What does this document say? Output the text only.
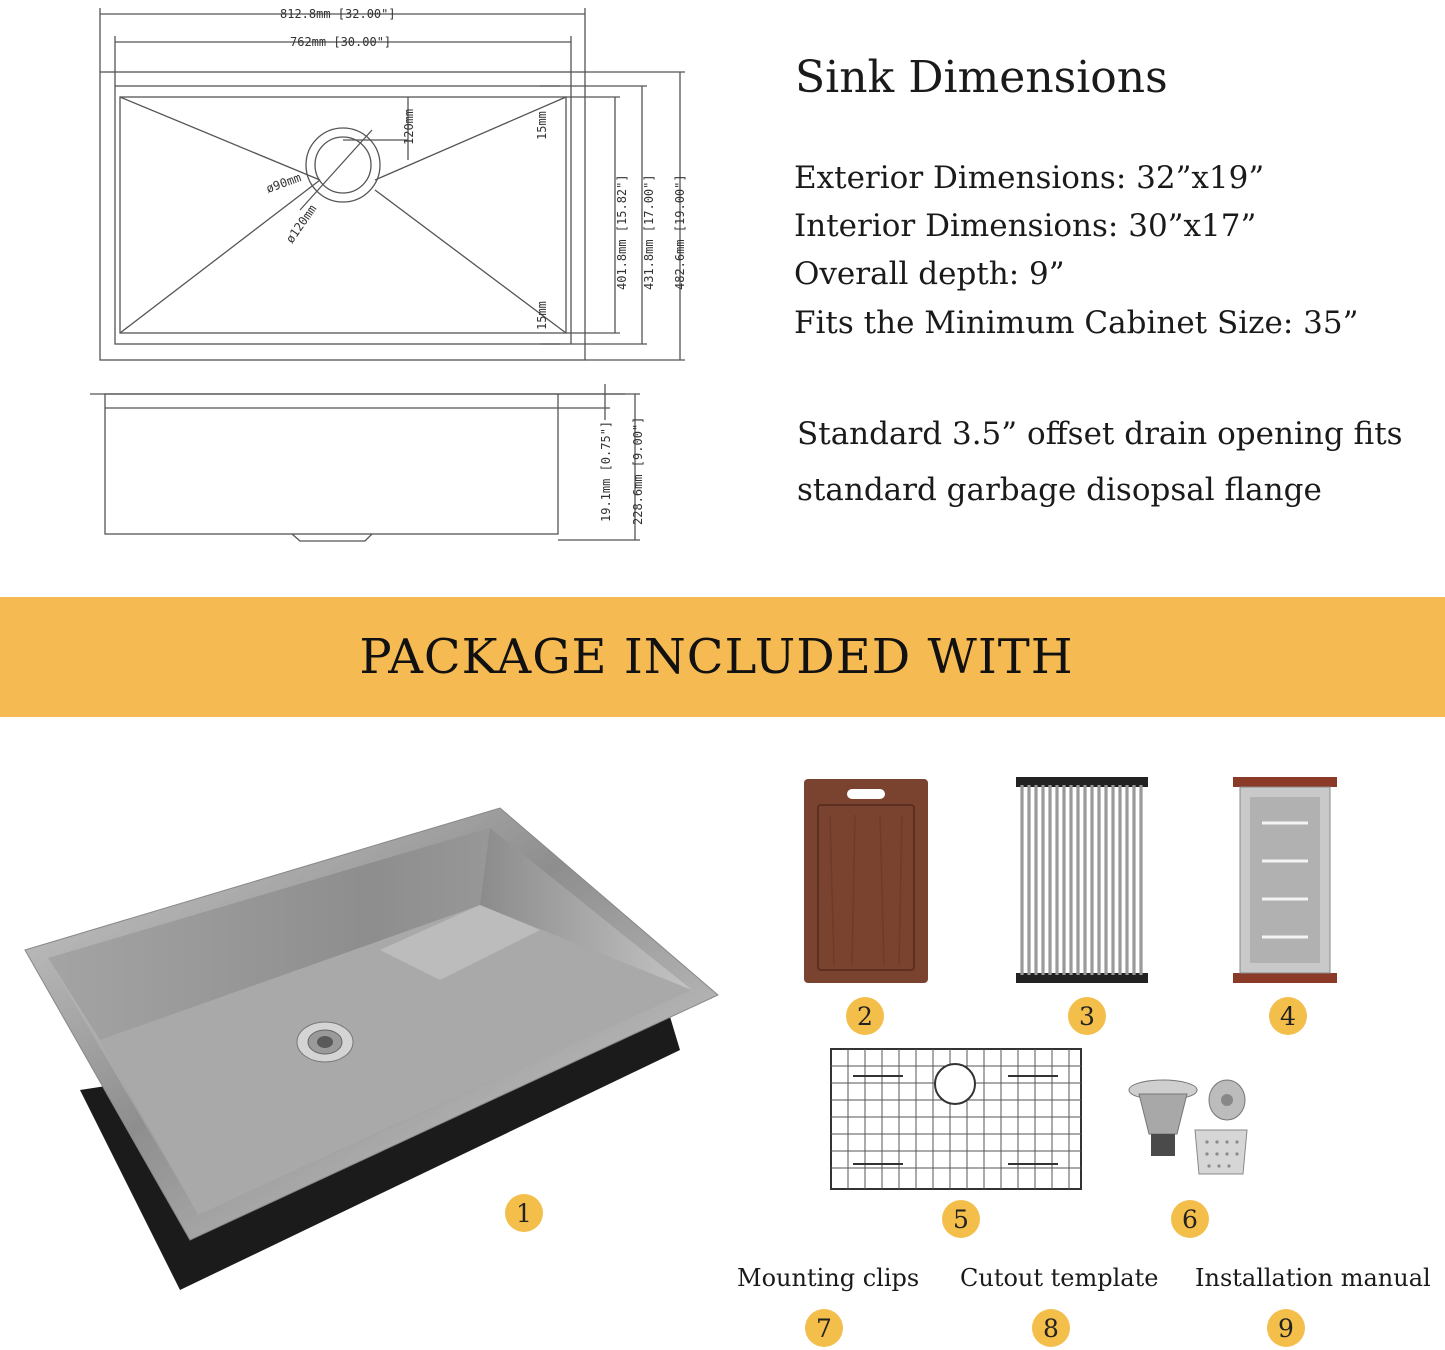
812.8mm [32.00"]
762mm [30.00"]
15mm
15mm
120mm
ø90mm
ø120mm	401.8mm [15.82"] 431.8mm [17.00"] 482.6mm [19.00"]
19.1mm [0.75"] 228.6mm [9.00"]
Sink Dimensions
Exterior Dimensions: 32”x19”
Interior Dimensions: 30”x17”
Overall depth: 9”
Fits the Minimum Cabinet Size: 35”
Standard 3.5” offset drain opening fits
standard garbage disopsal flange
PACKAGE INCLUDED WITH
1
2	3	4
5	6
7	8	9
Mounting clips Cutout template Installation manual
